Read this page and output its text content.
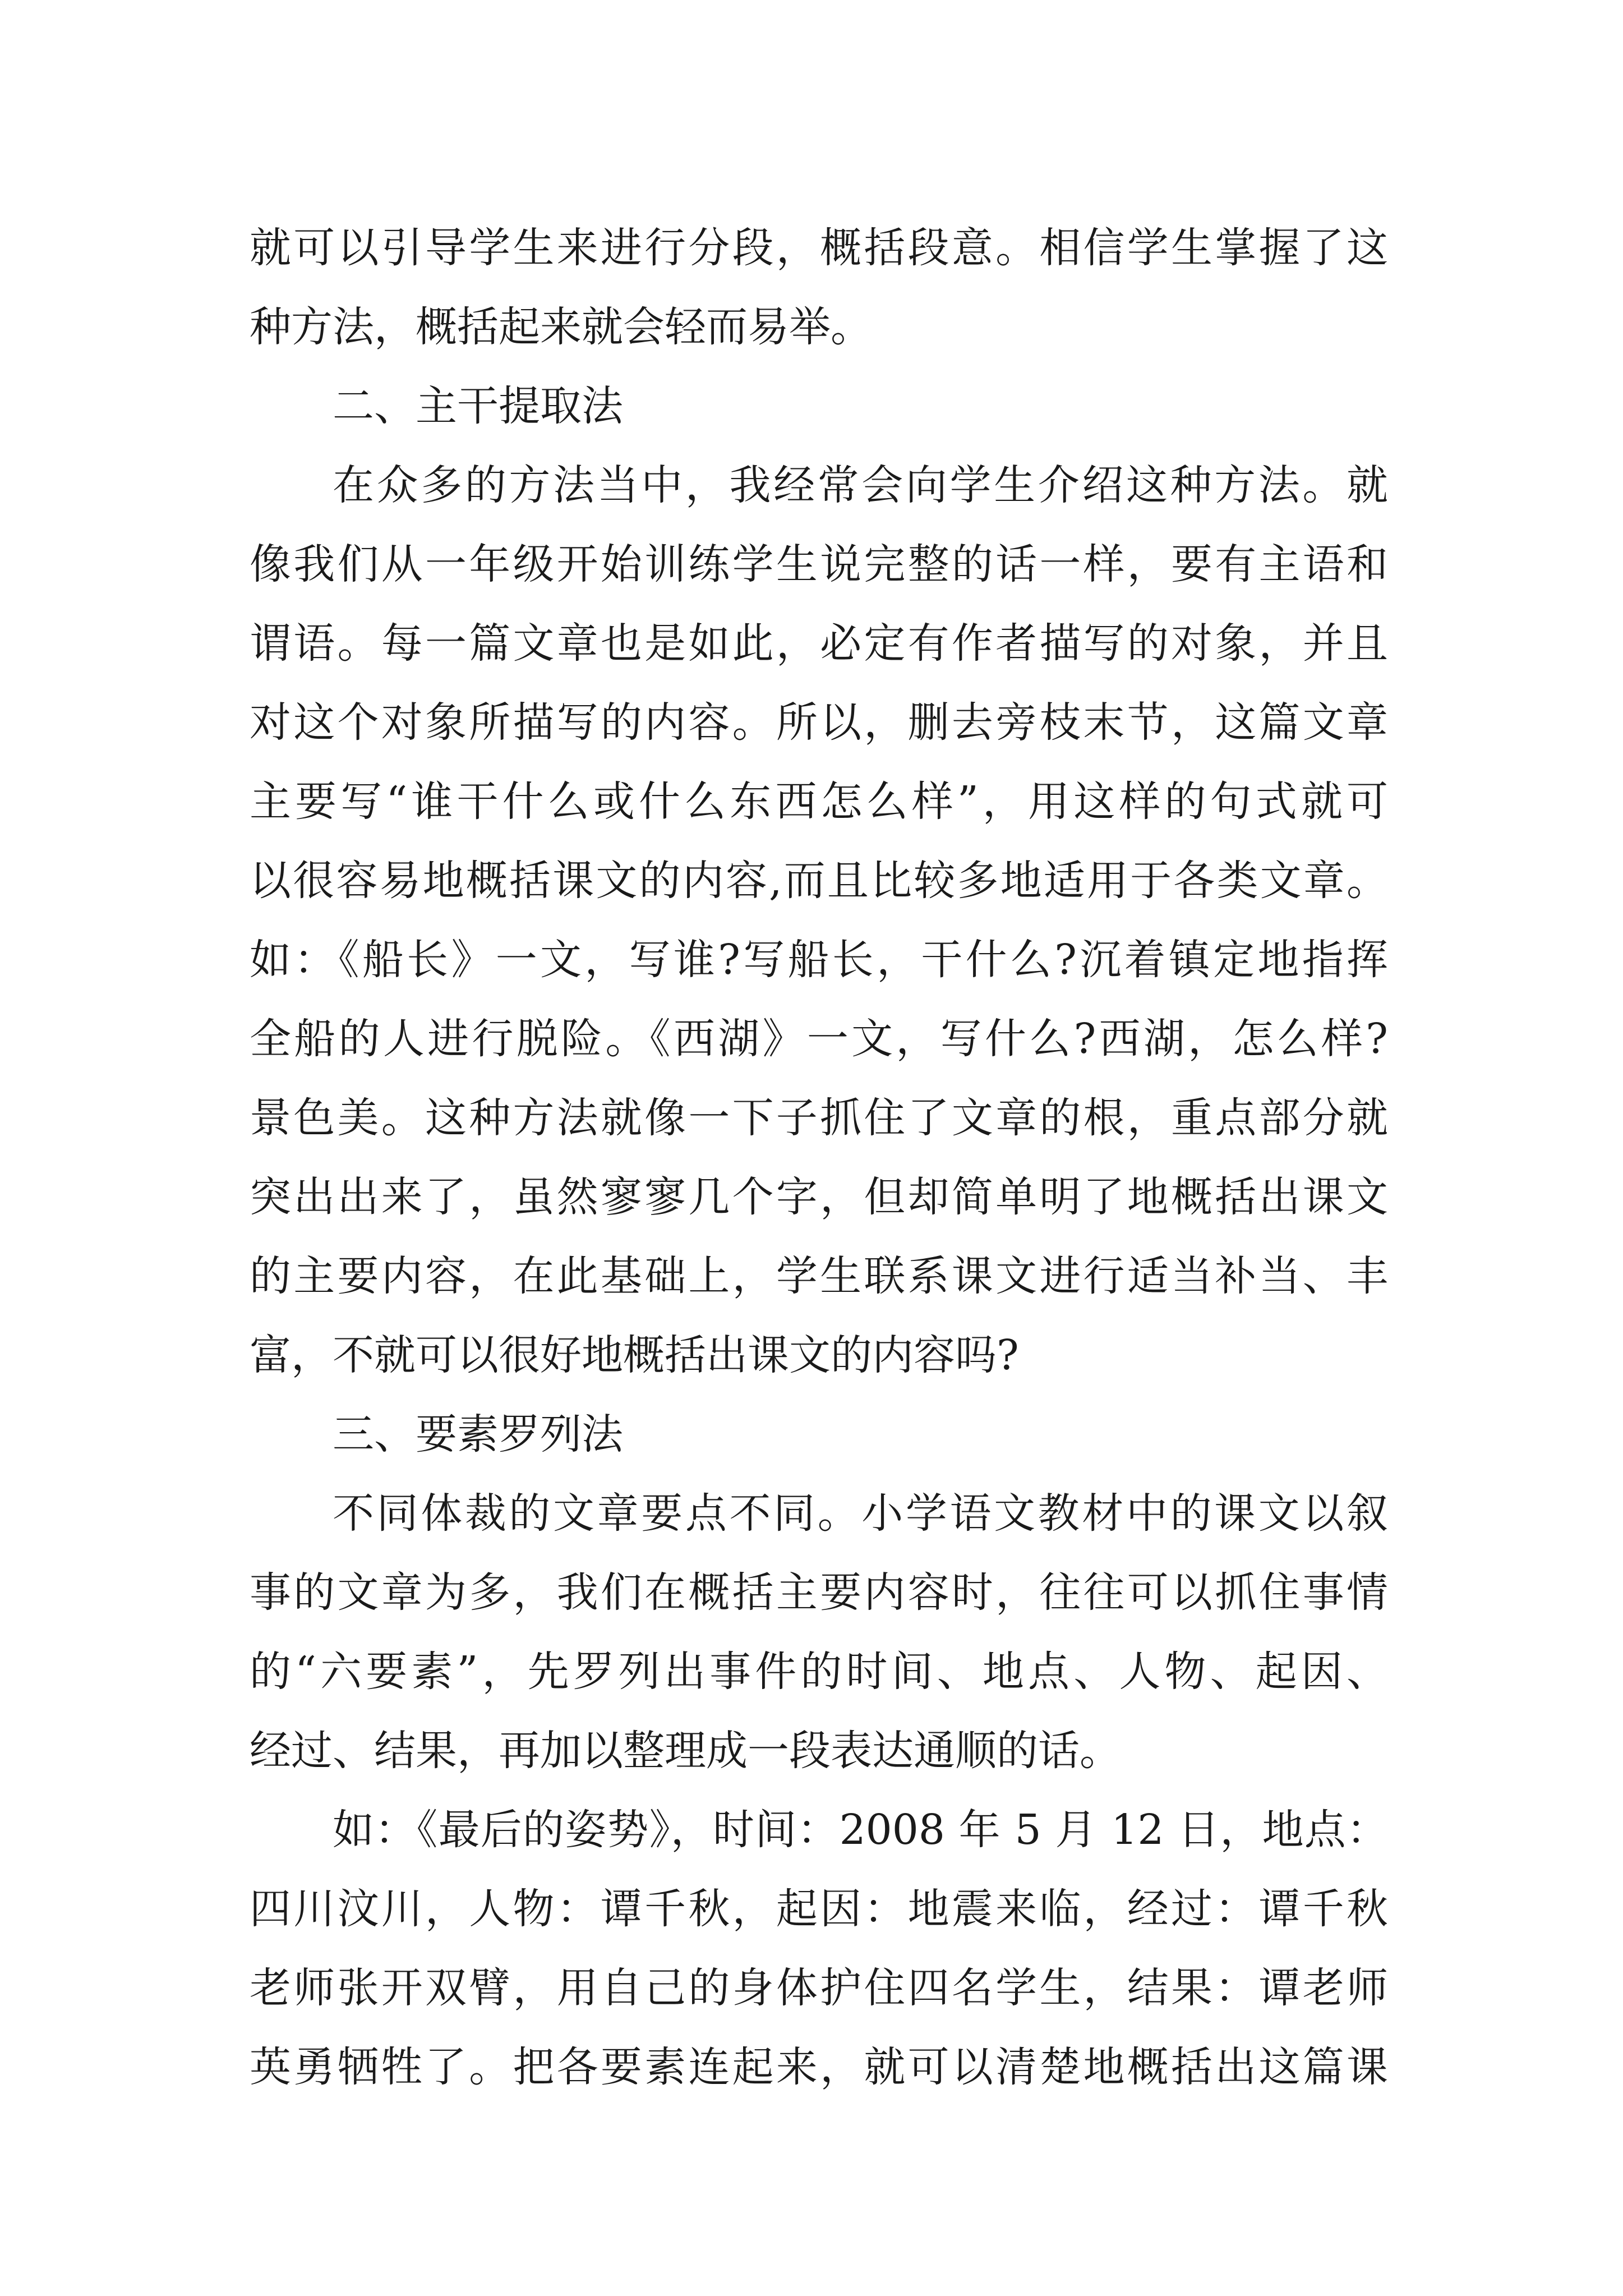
就可以引导学生来进行分段，概括段意。相信学生掌握了这
种方法，概括起来就会轻而易举。
二、主干提取法
在众多的方法当中，我经常会向学生介绍这种方法。就
像我们从一年级开始训练学生说完整的话一样，要有主语和
谓语。每一篇文章也是如此，必定有作者描写的对象，并且
对这个对象所描写的内容。所以，删去旁枝末节，这篇文章
主要写“谁干什么或什么东西怎么样”，用这样的句式就可
以很容易地概括课文的内容,而且比较多地适用于各类文章。
如：《船长》一文，写谁?写船长，干什么?沉着镇定地指挥
全船的人进行脱险。《西湖》一文，写什么?西湖，怎么样?
景色美。这种方法就像一下子抓住了文章的根，重点部分就
突出出来了，虽然寥寥几个字，但却简单明了地概括出课文
的主要内容，在此基础上，学生联系课文进行适当补当、丰
富，不就可以很好地概括出课文的内容吗?
三、要素罗列法
不同体裁的文章要点不同。小学语文教材中的课文以叙
事的文章为多，我们在概括主要内容时，往往可以抓住事情
的“六要素”，先罗列出事件的时间、地点、人物、起因、
经过、结果，再加以整理成一段表达通顺的话。
如：《最后的姿势》，时间：2008 年 5 月 12 日，地点：
四川汶川，人物：谭千秋，起因：地震来临，经过：谭千秋
老师张开双臂，用自己的身体护住四名学生，结果：谭老师
英勇牺牲了。把各要素连起来，就可以清楚地概括出这篇课
